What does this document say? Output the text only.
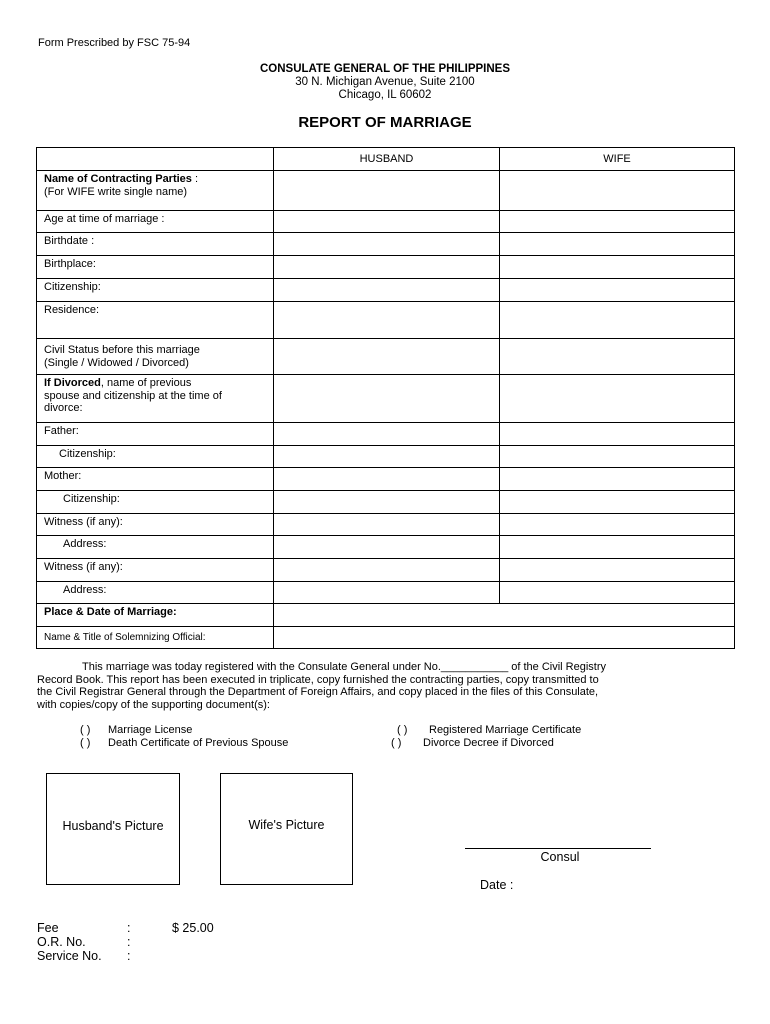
Form Prescribed by FSC 75-94
CONSULATE GENERAL OF THE PHILIPPINES
30 N. Michigan Avenue, Suite 2100
Chicago, IL 60602
REPORT OF MARRIAGE
	HUSBAND	WIFE
Name of Contracting Parties :
(For WIFE write single name)		
Age at time of marriage :		
Birthdate :		
Birthplace:		
Citizenship:		
Residence:		
Civil Status before this marriage
(Single / Widowed / Divorced)		
If Divorced, name of previous
spouse and citizenship at the time of
divorce:		
Father:		
Citizenship:		
Mother:		
Citizenship:		
Witness (if any):		
Address:		
Witness (if any):		
Address:		
Place & Date of Marriage:		
Name & Title of Solemnizing Official:		
This marriage was today registered with the Consulate General under No.___________ of the Civil Registry
Record Book. This report has been executed in triplicate, copy furnished the contracting parties, copy transmitted to
the Civil Registrar General through the Department of Foreign Affairs, and copy placed in the files of this Consulate,
with copies/copy of the supporting document(s):
( ) Marriage License
( ) Death Certificate of Previous Spouse
( ) Registered Marriage Certificate
( ) Divorce Decree if Divorced
Husband's Picture	Wife's Picture
Consul
Date :
Fee	:	$ 25.00
O.R. No.	:
Service No. :
